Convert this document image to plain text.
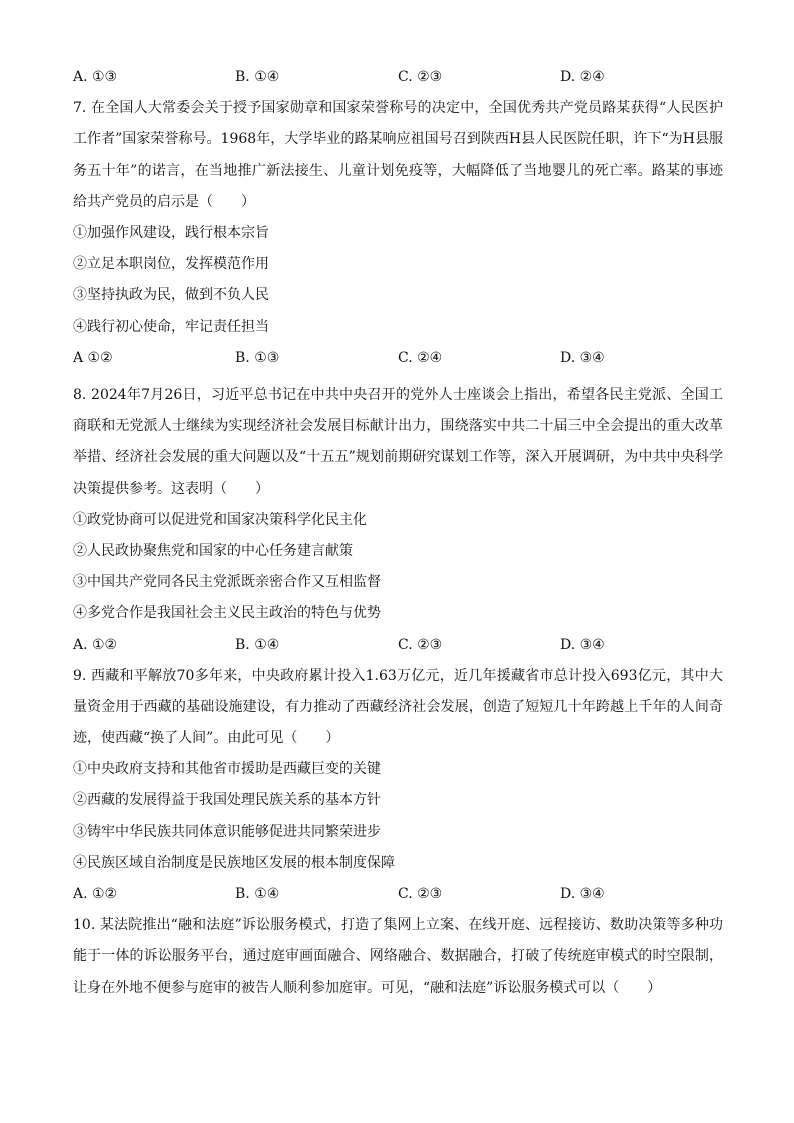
A. ①③	B. ①④	C. ②③	D. ②④
7. 在全国人大常委会关于授予国家勋章和国家荣誉称号的决定中，全国优秀共产党员路某获得“人民医护工作者”国家荣誉称号。1968年，大学毕业的路某响应祖国号召到陕西H县人民医院任职，许下“为H县服务五十年”的诺言，在当地推广新法接生、儿童计划免疫等，大幅降低了当地婴儿的死亡率。路某的事迹给共产党员的启示是（　　）
①加强作风建设，践行根本宗旨
②立足本职岗位，发挥模范作用
③坚持执政为民，做到不负人民
④践行初心使命，牢记责任担当
A ①②	B. ①③	C. ②④	D. ③④
8. 2024年7月26日，习近平总书记在中共中央召开的党外人士座谈会上指出，希望各民主党派、全国工商联和无党派人士继续为实现经济社会发展目标献计出力，围绕落实中共二十届三中全会提出的重大改革举措、经济社会发展的重大问题以及“十五五”规划前期研究谋划工作等，深入开展调研，为中共中央科学决策提供参考。这表明（　　）
①政党协商可以促进党和国家决策科学化民主化
②人民政协聚焦党和国家的中心任务建言献策
③中国共产党同各民主党派既亲密合作又互相监督
④多党合作是我国社会主义民主政治的特色与优势
A. ①②	B. ①④	C. ②③	D. ③④
9. 西藏和平解放70多年来，中央政府累计投入1.63万亿元，近几年援藏省市总计投入693亿元，其中大量资金用于西藏的基础设施建设，有力推动了西藏经济社会发展，创造了短短几十年跨越上千年的人间奇迹，使西藏“换了人间”。由此可见（　　）
①中央政府支持和其他省市援助是西藏巨变的关键
②西藏的发展得益于我国处理民族关系的基本方针
③铸牢中华民族共同体意识能够促进共同繁荣进步
④民族区域自治制度是民族地区发展的根本制度保障
A. ①②	B. ①④	C. ②③	D. ③④
10. 某法院推出“融和法庭”诉讼服务模式，打造了集网上立案、在线开庭、远程接访、数助决策等多种功能于一体的诉讼服务平台，通过庭审画面融合、网络融合、数据融合，打破了传统庭审模式的时空限制，让身在外地不便参与庭审的被告人顺利参加庭审。可见，“融和法庭”诉讼服务模式可以（　　）
